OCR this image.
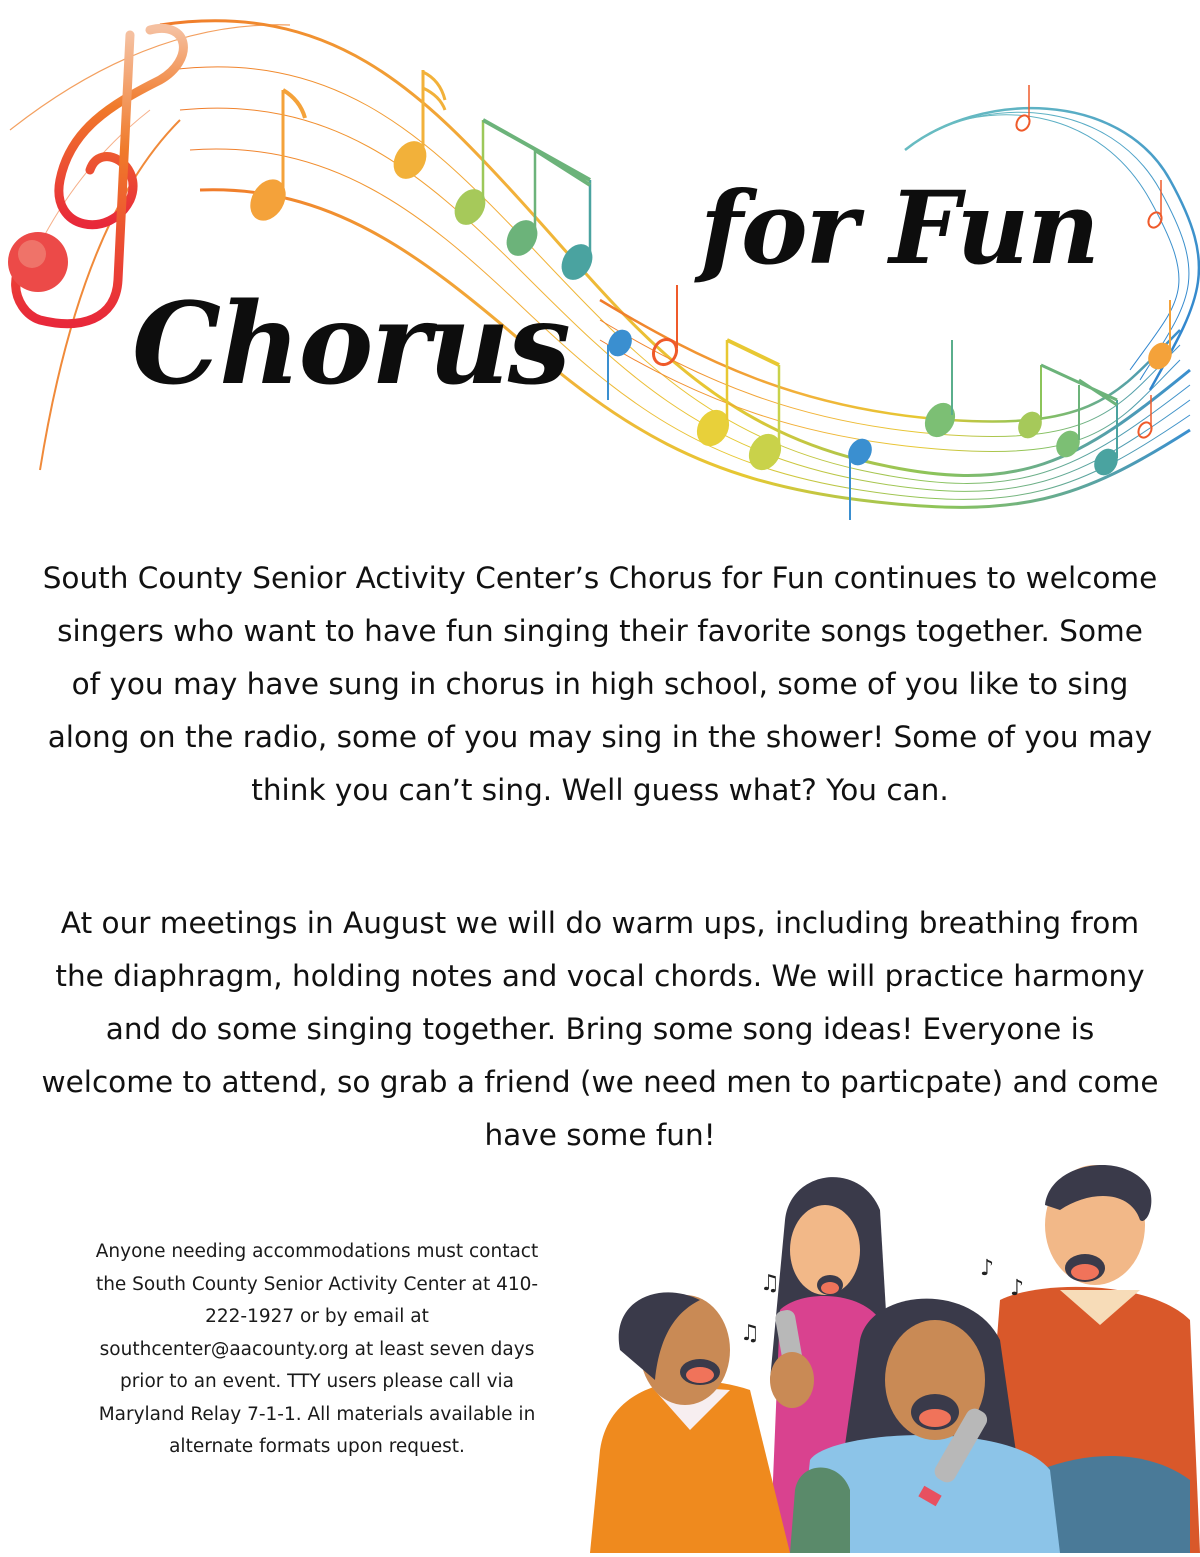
Chorus
for Fun

South County Senior Activity Center’s Chorus for Fun continues to welcome singers who want to have fun singing their favorite songs together. Some of you may have sung in chorus in high school, some of you like to sing along on the radio, some of you may sing in the shower! Some of you may think you can’t sing. Well guess what? You can.

At our meetings in August we will do warm ups, including breathing from the diaphragm, holding notes and vocal chords. We will practice harmony and do some singing together. Bring some song ideas! Everyone is welcome to attend, so grab a friend (we need men to particpate) and come have some fun!

Anyone needing accommodations must contact the South County Senior Activity Center at 410-222-1927 or by email at southcenter@aacounty.org at least seven days prior to an event. TTY users please call via Maryland Relay 7-1-1. All materials available in alternate formats upon request.

♫
♫
♪
♪
